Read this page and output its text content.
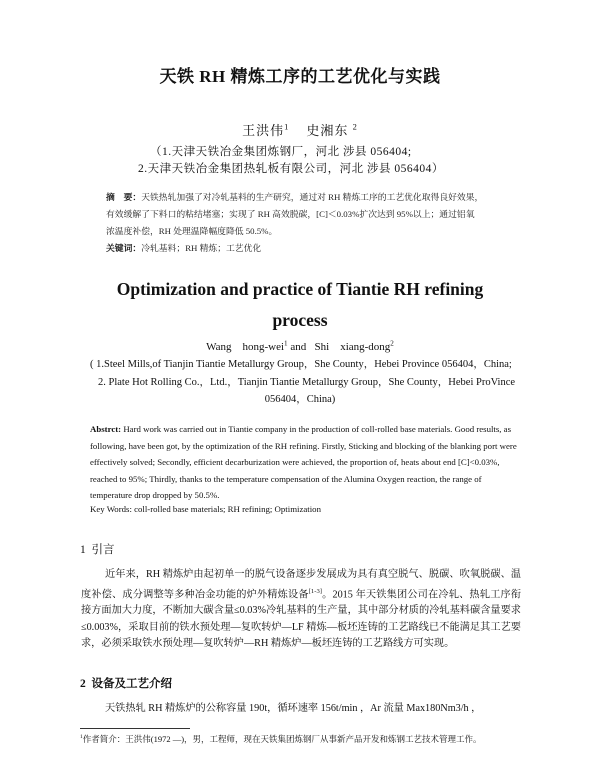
天铁 RH 精炼工序的工艺优化与实践
王洪伟$^1$ 史湘东 $^2$
（1.天津天铁冶金集团炼钢厂，河北 涉县 056404;
2.天津天铁冶金集团热轧板有限公司，河北 涉县 056404）
摘　要：天铁热轧加强了对冷轧基料的生产研究，通过对 RH 精炼工序的工艺优化取得良好效果，
有效缓解了下料口的粘结堵塞；实现了 RH 高效脱碳，[C]＜0.03%扩次达到 95%以上；通过铝氧
浓温度补偿，RH 处理温降幅度降低 50.5%。
关键词：冷轧基料；RH 精炼；工艺优化
Optimization and practice of Tiantie RH refining
process
Wang　hong-wei$^1$ and Shi　xiang-dong$^2$
( 1.Steel Mills,of Tianjin Tiantie Metallurgy Group，She County，Hebei Province 056404，China;
2. Plate Hot Rolling Co.，Ltd.，Tianjin Tiantie Metallurgy Group，She County，Hebei ProVince
056404，China)
Abstrct: Hard work was carried out in Tiantie company in the production of coll-rolled base materials. Good results, as following, have been got, by the optimization of the RH refining. Firstly, Sticking and blocking of the blanking port were effectively solved; Secondly, efficient decarburization were achieved, the proportion of, heats about end [C]<0.03%, reached to 95%; Thirdly, thanks to the temperature compensation of the Alumina Oxygen reaction, the range of temperature drop dropped by 50.5%.
Key Words: coll-rolled base materials; RH refining; Optimization
1 引言
近年来，RH 精炼炉由起初单一的脱气设备逐步发展成为具有真空脱气、脱碳、吹氧脱碳、温度补偿、成分调整等多种冶金功能的炉外精炼设备[1-3]。2015 年天铁集团公司在冷轧、热轧工序衔接方面加大力度，不断加大碳含量≤0.03%冷轧基料的生产量，其中部分材质的冷轧基料碳含量要求≤0.003%，采取目前的铁水预处理—复吹转炉—LF 精炼—板坯连铸的工艺路线已不能满足其工艺要求，必须采取铁水预处理—复吹转炉—RH 精炼炉—板坯连铸的工艺路线方可实现。
2 设备及工艺介绍
天铁热轧 RH 精炼炉的公称容量 190t，循环速率 156t/min ，Ar 流量 Max180Nm3/h ，
$^1$作者简介：王洪伟(1972 —)，男，工程师，现在天铁集团炼钢厂从事新产品开发和炼钢工艺技术管理工作。
